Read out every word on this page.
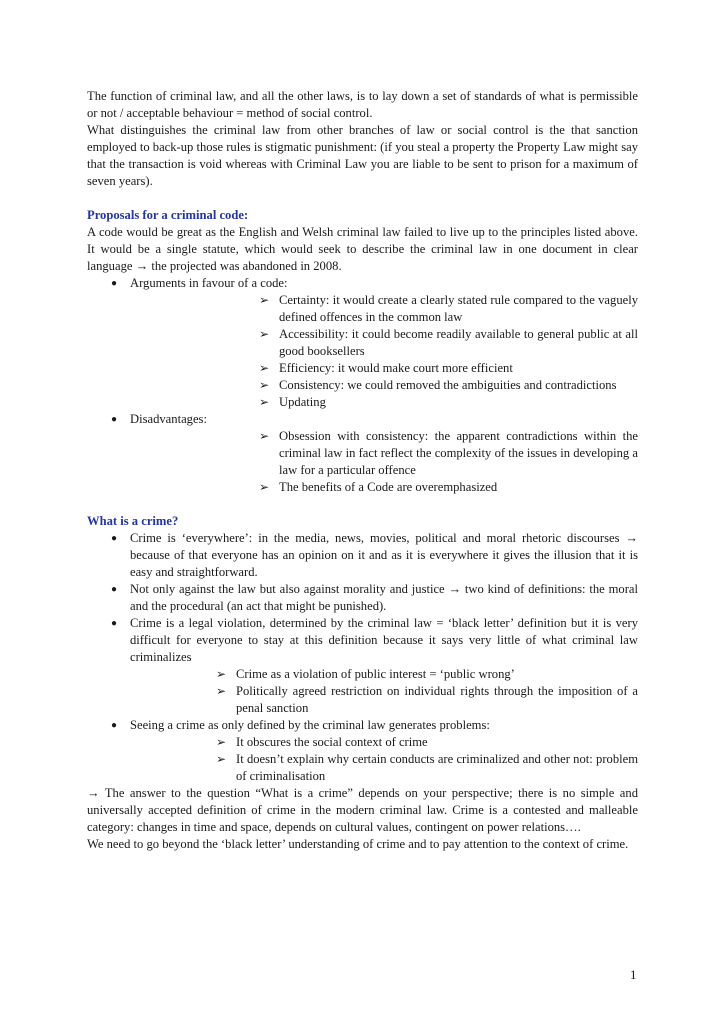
The function of criminal law, and all the other laws, is to lay down a set of standards of what is permissible or not / acceptable behaviour = method of social control.

What distinguishes the criminal law from other branches of law or social control is the that sanction employed to back-up those rules is stigmatic punishment: (if you steal a property the Property Law might say that the transaction is void whereas with Criminal Law you are liable to be sent to prison for a maximum of seven years).

Proposals for a criminal code:

A code would be great as the English and Welsh criminal law failed to live up to the principles listed above. It would be a single statute, which would seek to describe the criminal law in one document in clear language → the projected was abandoned in 2008.

● Arguments in favour of a code:
➢ Certainty: it would create a clearly stated rule compared to the vaguely defined offences in the common law
➢ Accessibility: it could become readily available to general public at all good booksellers
➢ Efficiency: it would make court more efficient
➢ Consistency: we could removed the ambiguities and contradictions
➢ Updating
● Disadvantages:
➢ Obsession with consistency: the apparent contradictions within the criminal law in fact reflect the complexity of the issues in developing a law for a particular offence
➢ The benefits of a Code are overemphasized
What is a crime?
● Crime is ‘everywhere’: in the media, news, movies, political and moral rhetoric discourses → because of that everyone has an opinion on it and as it is everywhere it gives the illusion that it is easy and straightforward.
● Not only against the law but also against morality and justice → two kind of definitions: the moral and the procedural (an act that might be punished).
● Crime is a legal violation, determined by the criminal law = ‘black letter’ definition but it is very difficult for everyone to stay at this definition because it says very little of what criminal law criminalizes
➢ Crime as a violation of public interest = ‘public wrong’
➢ Politically agreed restriction on individual rights through the imposition of a penal sanction
● Seeing a crime as only defined by the criminal law generates problems:
➢ It obscures the social context of crime
➢ It doesn’t explain why certain conducts are criminalized and other not: problem of criminalisation

→ The answer to the question “What is a crime” depends on your perspective; there is no simple and universally accepted definition of crime in the modern criminal law. Crime is a contested and malleable category: changes in time and space, depends on cultural values, contingent on power relations….

We need to go beyond the ‘black letter’ understanding of crime and to pay attention to the context of crime.

1
